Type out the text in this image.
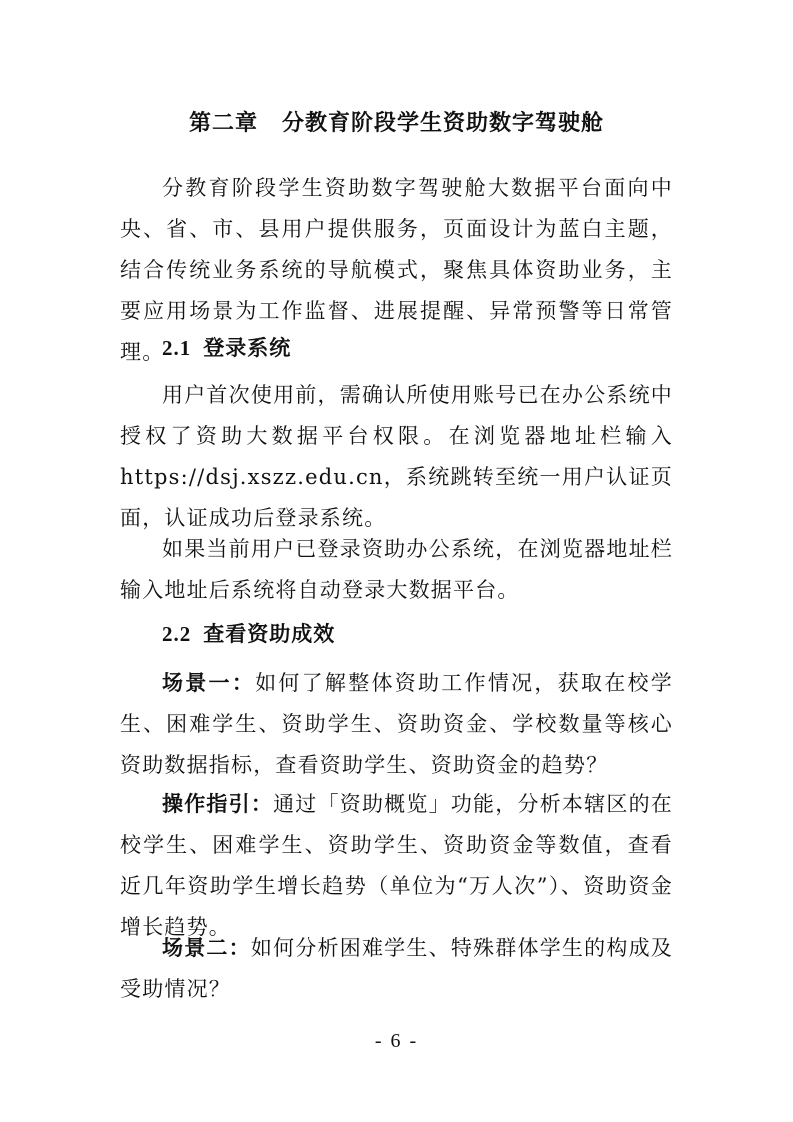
第二章 分教育阶段学生资助数字驾驶舱
分教育阶段学生资助数字驾驶舱大数据平台面向中央、省、市、县用户提供服务，页面设计为蓝白主题，结合传统业务系统的导航模式，聚焦具体资助业务，主要应用场景为工作监督、进展提醒、异常预警等日常管理。
2.1 登录系统
用户首次使用前，需确认所使用账号已在办公系统中授权了资助大数据平台权限。在浏览器地址栏输入https://dsj.xszz.edu.cn，系统跳转至统一用户认证页面，认证成功后登录系统。
如果当前用户已登录资助办公系统，在浏览器地址栏输入地址后系统将自动登录大数据平台。
2.2 查看资助成效
场景一：如何了解整体资助工作情况，获取在校学生、困难学生、资助学生、资助资金、学校数量等核心资助数据指标，查看资助学生、资助资金的趋势？
操作指引：通过「资助概览」功能，分析本辖区的在校学生、困难学生、资助学生、资助资金等数值，查看近几年资助学生增长趋势（单位为“万人次”）、资助资金增长趋势。
场景二：如何分析困难学生、特殊群体学生的构成及受助情况？
- 6 -
